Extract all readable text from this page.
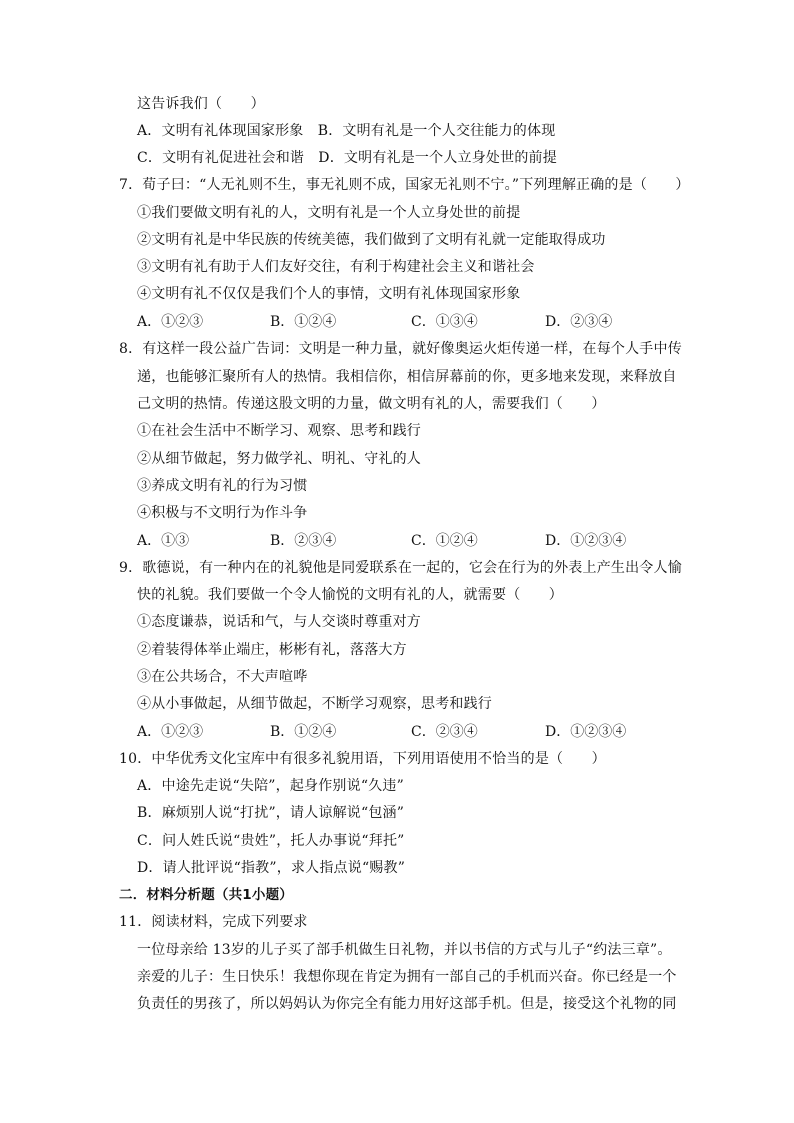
这告诉我们（　　）
A．文明有礼体现国家形象　B．文明有礼是一个人交往能力的体现
C．文明有礼促进社会和谐　D．文明有礼是一个人立身处世的前提
7．荀子曰：“人无礼则不生，事无礼则不成，国家无礼则不宁。”下列理解正确的是（　　）
①我们要做文明有礼的人，文明有礼是一个人立身处世的前提
②文明有礼是中华民族的传统美德，我们做到了文明有礼就一定能取得成功
③文明有礼有助于人们友好交往，有利于构建社会主义和谐社会
④文明有礼不仅仅是我们个人的事情，文明有礼体现国家形象
A．①②③	B．①②④	C．①③④	D．②③④
8．有这样一段公益广告词：文明是一种力量，就好像奥运火炬传递一样，在每个人手中传
递，也能够汇聚所有人的热情。我相信你，相信屏幕前的你，更多地来发现，来释放自
己文明的热情。传递这股文明的力量，做文明有礼的人，需要我们（　　）
①在社会生活中不断学习、观察、思考和践行
②从细节做起，努力做学礼、明礼、守礼的人
③养成文明有礼的行为习惯
④积极与不文明行为作斗争
A．①③	B．②③④	C．①②④	D．①②③④
9．歌德说，有一种内在的礼貌他是同爱联系在一起的，它会在行为的外表上产生出令人愉
快的礼貌。我们要做一个令人愉悦的文明有礼的人，就需要（　　）
①态度谦恭，说话和气，与人交谈时尊重对方
②着装得体举止端庄，彬彬有礼，落落大方
③在公共场合，不大声喧哗
④从小事做起，从细节做起，不断学习观察，思考和践行
A．①②③	B．①②④	C．②③④	D．①②③④
10．中华优秀文化宝库中有很多礼貌用语，下列用语使用不恰当的是（　　）
A．中途先走说“失陪”，起身作别说“久违”
B．麻烦别人说“打扰”，请人谅解说“包涵”
C．问人姓氏说“贵姓”，托人办事说“拜托”
D．请人批评说“指教”，求人指点说“赐教”
二．材料分析题（共1小题）
11．阅读材料，完成下列要求
一位母亲给 13岁的儿子买了部手机做生日礼物，并以书信的方式与儿子“约法三章”。
亲爱的儿子：生日快乐！我想你现在肯定为拥有一部自己的手机而兴奋。你已经是一个
负责任的男孩了，所以妈妈认为你完全有能力用好这部手机。但是，接受这个礼物的同
